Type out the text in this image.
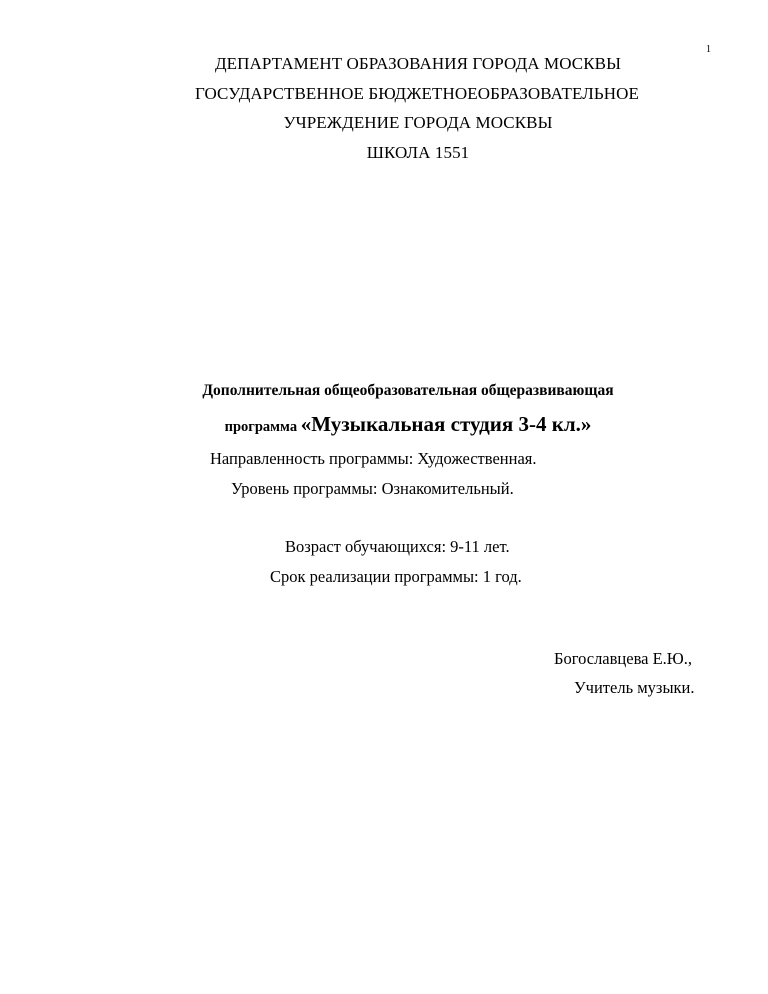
1
ДЕПАРТАМЕНТ ОБРАЗОВАНИЯ ГОРОДА МОСКВЫ
ГОСУДАРСТВЕННОЕ БЮДЖЕТНОЕОБРАЗОВАТЕЛЬНОЕ
УЧРЕЖДЕНИЕ ГОРОДА МОСКВЫ
ШКОЛА 1551
Дополнительная общеобразовательная общеразвивающая
программа «Музыкальная студия 3-4 кл.»
Направленность программы: Художественная.
Уровень программы: Ознакомительный.
Возраст обучающихся: 9-11 лет.
Срок реализации программы: 1 год.
Богославцева Е.Ю.,
Учитель музыки.
